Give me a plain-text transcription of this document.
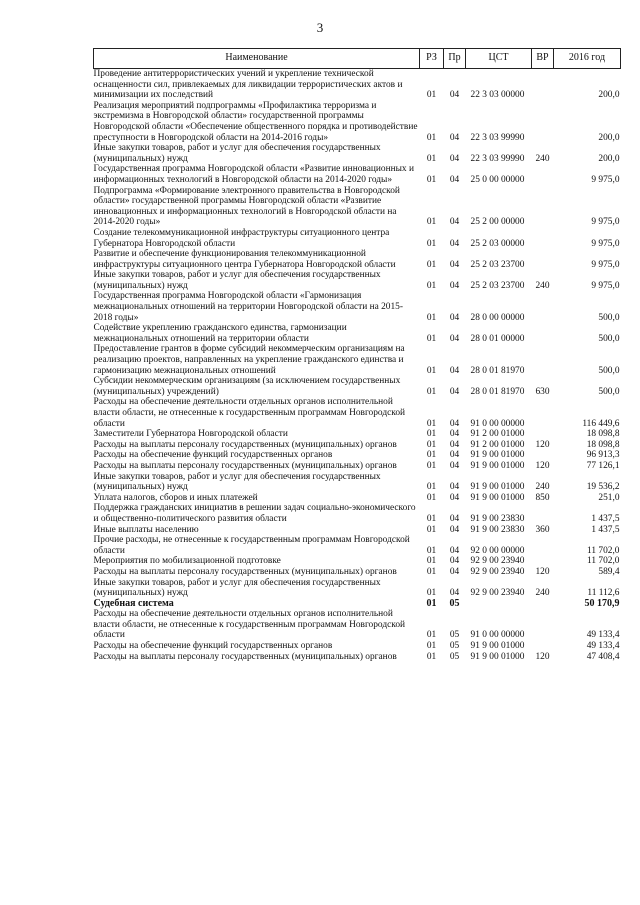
3
Наименование	РЗ	Пр	ЦСТ	ВР	2016 год
Проведение антитеррористических учений и укрепление технической оснащенности сил, привлекаемых для ликвидации террористических актов и минимизации их последствий	01	04	22 3 03 00000		200,0
Реализация мероприятий подпрограммы «Профилактика терроризма и экстремизма в Новгородской области» государственной программы Новгородской области «Обеспечение общественного порядка и противодействие преступности в Новгородской области на 2014-2016 годы»	01	04	22 3 03 99990		200,0
Иные закупки товаров, работ и услуг для обеспечения государственных (муниципальных) нужд	01	04	22 3 03 99990	240	200,0
Государственная программа Новгородской области «Развитие инновационных и информационных технологий в Новгородской области на 2014-2020 годы»	01	04	25 0 00 00000		9 975,0
Подпрограмма «Формирование электронного правительства в Новгородской области» государственной программы Новгородской области «Развитие инновационных и информационных технологий в Новгородской области на 2014-2020 годы»	01	04	25 2 00 00000		9 975,0
Создание телекоммуникационной инфраструктуры ситуационного центра Губернатора Новгородской области	01	04	25 2 03 00000		9 975,0
Развитие и обеспечение функционирования телекоммуникационной инфраструктуры ситуационного центра Губернатора Новгородской области	01	04	25 2 03 23700		9 975,0
Иные закупки товаров, работ и услуг для обеспечения государственных (муниципальных) нужд	01	04	25 2 03 23700	240	9 975,0
Государственная программа Новгородской области «Гармонизация межнациональных отношений на территории Новгородской области на 2015-2018 годы»	01	04	28 0 00 00000		500,0
Содействие укреплению гражданского единства, гармонизации межнациональных отношений на территории области	01	04	28 0 01 00000		500,0
Предоставление грантов в форме субсидий некоммерческим организациям на реализацию проектов, направленных на укрепление гражданского единства и гармонизацию межнациональных отношений	01	04	28 0 01 81970		500,0
Субсидии некоммерческим организациям (за исключением государственных (муниципальных) учреждений)	01	04	28 0 01 81970	630	500,0
Расходы на обеспечение деятельности отдельных органов исполнительной власти области, не отнесенные к государственным программам Новгородской области	01	04	91 0 00 00000		116 449,6
Заместители Губернатора Новгородской области	01	04	91 2 00 01000		18 098,8
Расходы на выплаты персоналу государственных (муниципальных) органов	01	04	91 2 00 01000	120	18 098,8
Расходы на обеспечение функций государственных органов	01	04	91 9 00 01000		96 913,3
Расходы на выплаты персоналу государственных (муниципальных) органов	01	04	91 9 00 01000	120	77 126,1
Иные закупки товаров, работ и услуг для обеспечения государственных (муниципальных) нужд	01	04	91 9 00 01000	240	19 536,2
Уплата налогов, сборов и иных платежей	01	04	91 9 00 01000	850	251,0
Поддержка гражданских инициатив в решении задач социально-экономического и общественно-политического развития области	01	04	91 9 00 23830		1 437,5
Иные выплаты населению	01	04	91 9 00 23830	360	1 437,5
Прочие расходы, не отнесенные к государственным программам Новгородской области	01	04	92 0 00 00000		11 702,0
Мероприятия по мобилизационной подготовке	01	04	92 9 00 23940		11 702,0
Расходы на выплаты персоналу государственных (муниципальных) органов	01	04	92 9 00 23940	120	589,4
Иные закупки товаров, работ и услуг для обеспечения государственных (муниципальных) нужд	01	04	92 9 00 23940	240	11 112,6
Судебная система	01	05			50 170,9
Расходы на обеспечение деятельности отдельных органов исполнительной власти области, не отнесенные к государственным программам Новгородской области	01	05	91 0 00 00000		49 133,4
Расходы на обеспечение функций государственных органов	01	05	91 9 00 01000		49 133,4
Расходы на выплаты персоналу государственных (муниципальных) органов	01	05	91 9 00 01000	120	47 408,4
